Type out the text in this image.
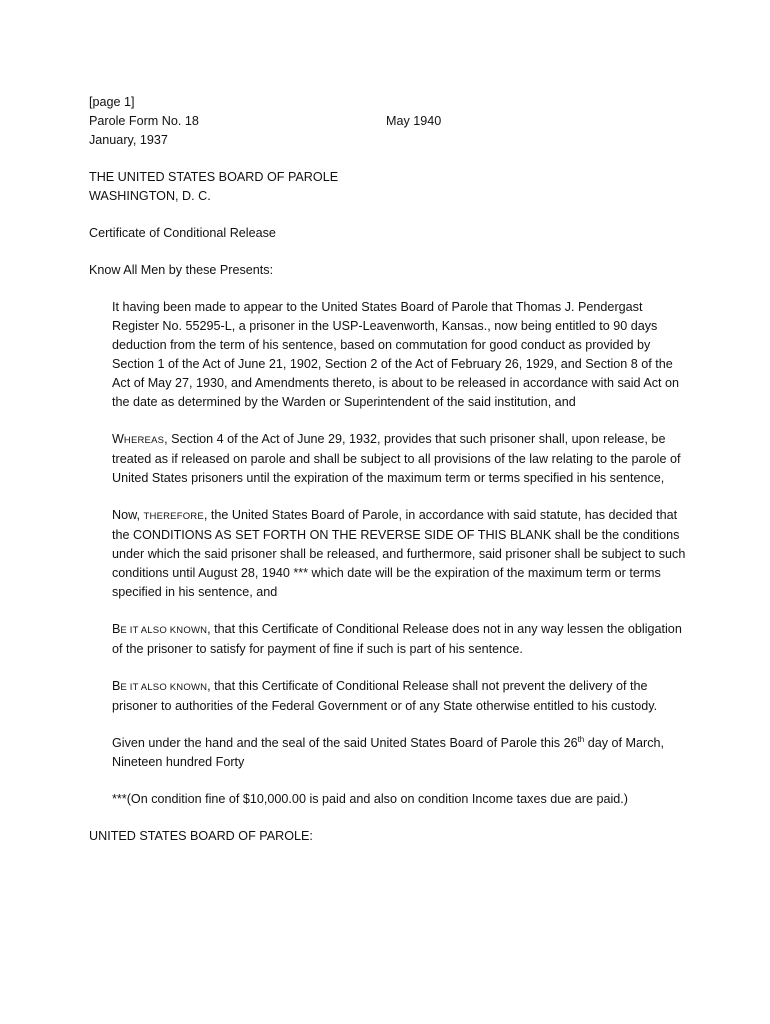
[page 1]
Parole Form No. 18	May 1940
January, 1937
THE UNITED STATES BOARD OF PAROLE
WASHINGTON, D. C.
Certificate of Conditional Release
Know All Men by these Presents:
It having been made to appear to the United States Board of Parole that Thomas J. Pendergast Register No. 55295-L, a prisoner in the USP-Leavenworth, Kansas., now being entitled to 90 days deduction from the term of his sentence, based on commutation for good conduct as provided by Section 1 of the Act of June 21, 1902, Section 2 of the Act of February 26, 1929, and Section 8 of the Act of May 27, 1930, and Amendments thereto, is about to be released in accordance with said Act on the date as determined by the Warden or Superintendent of the said institution, and
WHEREAS, Section 4 of the Act of June 29, 1932, provides that such prisoner shall, upon release, be treated as if released on parole and shall be subject to all provisions of the law relating to the parole of United States prisoners until the expiration of the maximum term or terms specified in his sentence,
Now, THEREFORE, the United States Board of Parole, in accordance with said statute, has decided that the CONDITIONS AS SET FORTH ON THE REVERSE SIDE OF THIS BLANK shall be the conditions under which the said prisoner shall be released, and furthermore, said prisoner shall be subject to such conditions until August 28, 1940 *** which date will be the expiration of the maximum term or terms specified in his sentence, and
BE IT ALSO KNOWN, that this Certificate of Conditional Release does not in any way lessen the obligation of the prisoner to satisfy for payment of fine if such is part of his sentence.
BE IT ALSO KNOWN, that this Certificate of Conditional Release shall not prevent the delivery of the prisoner to authorities of the Federal Government or of any State otherwise entitled to his custody.
Given under the hand and the seal of the said United States Board of Parole this 26th day of March, Nineteen hundred Forty
***(On condition fine of $10,000.00 is paid and also on condition Income taxes due are paid.)
UNITED STATES BOARD OF PAROLE:
